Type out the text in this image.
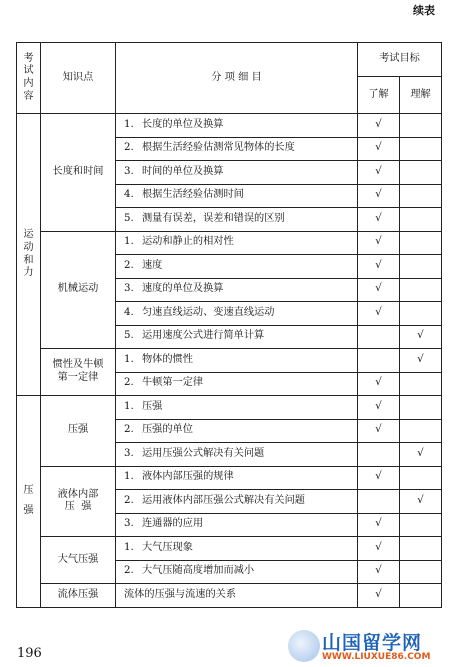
续表
考
试
内
容	知识点	分 项 细 目	考试目标	
			了解	理解

运
动
和
力	长度和时间	1. 长度的单位及换算	√	
		2. 根据生活经验估测常见物体的长度	√	
		3. 时间的单位及换算	√	
		4. 根据生活经验估测时间	√	
		5. 测量有误差，误差和错误的区别	√	
	机械运动	1. 运动和静止的相对性	√	
		2. 速度	√	
		3. 速度的单位及换算	√	
		4. 匀速直线运动、变速直线运动	√	
		5. 运用速度公式进行简单计算		√

	惯性及牛顿
第一定律	1. 物体的惯性		√
		2. 牛顿第一定律	√	

压
强	压强	1. 压强	√	
		2. 压强的单位	√	
		3. 运用压强公式解决有关问题		√

	液体内部
压  强	1. 液体内部压强的规律	√	
		2. 运用液体内部压强公式解决有关问题		√
		3. 连通器的应用	√	
	大气压强	1. 大气压现象	√	
		2. 大气压随高度增加而减小	√	
	流体压强	流体的压强与流速的关系	√	
196	山国留学网
WWW.LIUXUE86.COM
